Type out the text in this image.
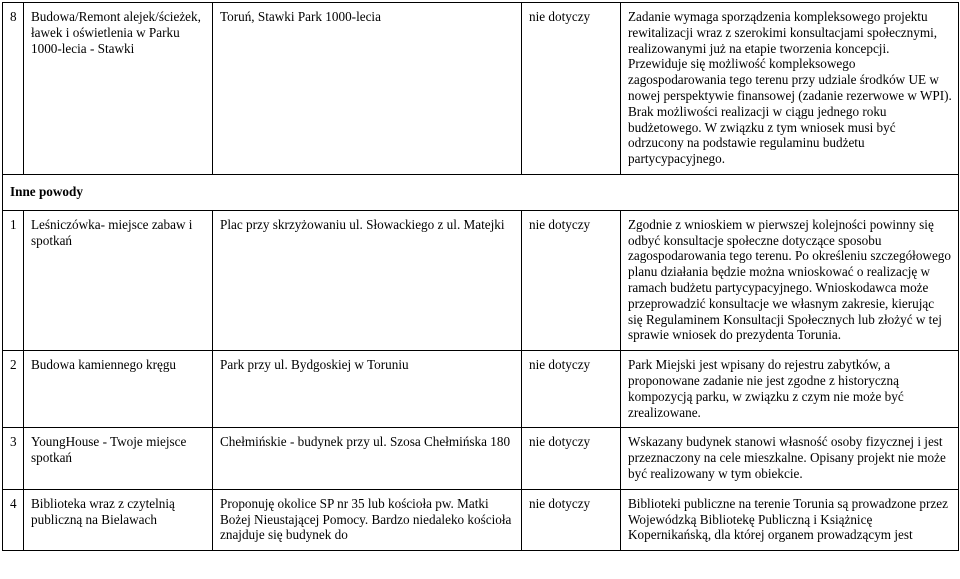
8	Budowa/Remont alejek/ścieżek, ławek i oświetlenia w Parku 1000-lecia - Stawki	Toruń, Stawki Park 1000-lecia	nie dotyczy	Zadanie wymaga sporządzenia kompleksowego projektu rewitalizacji wraz z szerokimi konsultacjami społecznymi, realizowanymi już na etapie tworzenia koncepcji. Przewiduje się możliwość kompleksowego zagospodarowania tego terenu przy udziale środków UE w nowej perspektywie finansowej (zadanie rezerwowe w WPI). Brak możliwości realizacji w ciągu jednego roku budżetowego. W związku z tym wniosek musi być odrzucony na podstawie regulaminu budżetu partycypacyjnego.
Inne powody				
1	Leśniczówka- miejsce zabaw i spotkań	Plac przy skrzyżowaniu ul. Słowackiego z ul. Matejki	nie dotyczy	Zgodnie z wnioskiem w pierwszej kolejności powinny się odbyć konsultacje społeczne dotyczące sposobu zagospodarowania tego terenu. Po określeniu szczegółowego planu działania będzie można wnioskować o realizację w ramach budżetu partycypacyjnego. Wnioskodawca może przeprowadzić konsultacje we własnym zakresie, kierując się Regulaminem Konsultacji Społecznych lub złożyć w tej sprawie wniosek do prezydenta Torunia.
2	Budowa kamiennego kręgu	Park przy ul. Bydgoskiej w Toruniu	nie dotyczy	Park Miejski jest wpisany do rejestru zabytków, a proponowane zadanie nie jest zgodne z historyczną kompozycją parku, w związku z czym nie może być zrealizowane.
3	YoungHouse - Twoje miejsce spotkań	Chełmińskie - budynek przy ul. Szosa Chełmińska 180	nie dotyczy	Wskazany budynek stanowi własność osoby fizycznej i jest przeznaczony na cele mieszkalne. Opisany projekt nie może być realizowany w tym obiekcie.
4	Biblioteka wraz z czytelnią publiczną na Bielawach	Proponuję okolice SP nr 35 lub kościoła pw. Matki Bożej Nieustającej Pomocy. Bardzo niedaleko kościoła znajduje się budynek do	nie dotyczy	Biblioteki publiczne na terenie Torunia są prowadzone przez Wojewódzką Bibliotekę Publiczną i Książnicę Kopernikańską, dla której organem prowadzącym jest
